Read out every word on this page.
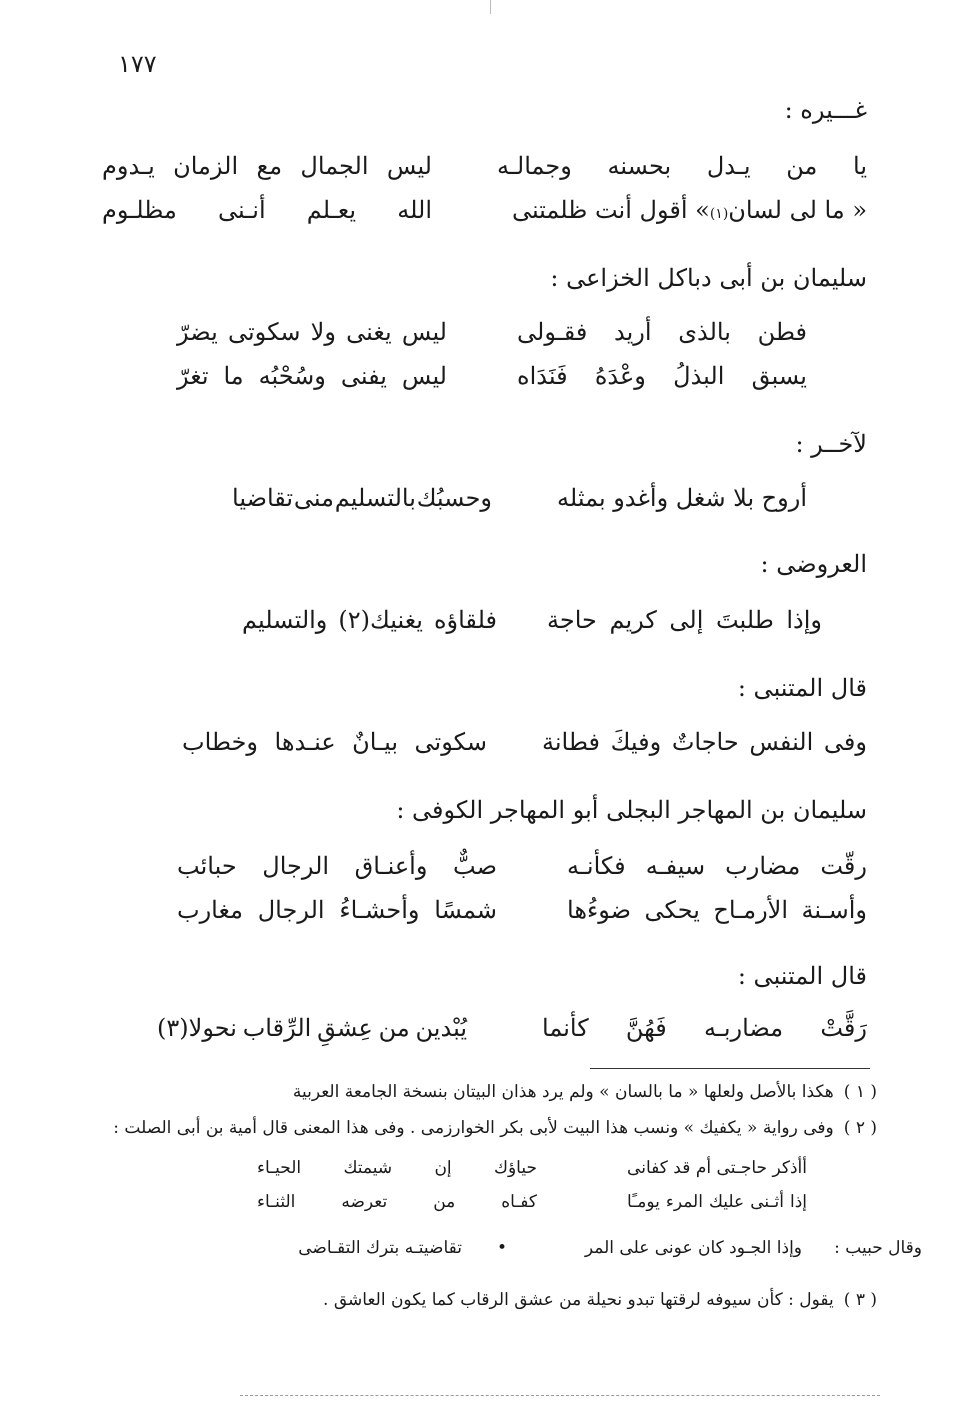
١٧٧
غـــيره :
يا
من
يـدل
بحسنه
وجمالـه
ليس
الجمال
مع
الزمان
يـدوم
« ما لى لسان
(١)
» أقول أنت ظلمتنى
الله
يعـلم
أنـنى
مظلـوم
سليمان بن أبى دباكل الخزاعى :
فطن
بالذى
أريد
فقـولى
ليس
يغنى
ولا
سكوتى
يضرّ
يسبق
البذلُ
وعْدَهُ
فَنَدَاه
ليس
يفنى
وسُحْبُه
ما
تغرّ
لآخــر :
أروح
بلا
شغل
وأغدو
بمثله
وحسبُك
بالتسليم
منى
تقاضيا
العروضى :
وإذا
طلبتَ
إلى
كريم
حاجة
فلقاؤه
يغنيك(٢)
والتسليم
قال المتنبى :
وفى
النفس
حاجاتٌ
وفيكَ
فطانة
سكوتى
بيـانٌ
عنـدها
وخطاب
سليمان بن المهاجر البجلى أبو المهاجر الكوفى :
رقّت
مضارب
سيفـه
فكأنـه
صبٌّ
وأعنـاق
الرجال
حبائب
وأسـنة
الأرمـاح
يحكى
ضوءُها
شمسًا
وأحشـاءُ
الرجال
مغارب
قال المتنبى :
رَقَّتْ
مضاربـه
فَهُنَّ
كأنما
يُبْدين
من
عِشقِ
الرِّقاب
نحولا(٣)
( ١ )هكذا بالأصل ولعلها « ما بالسان » ولم يرد هذان البيتان بنسخة الجامعة العربية
( ٢ )وفى رواية « يكفيك » ونسب هذا البيت لأبى بكر الخوارزمى . وفى هذا المعنى قال أمية بن أبى الصلت :
أأذكر
حاجـتى
أم
قد
كفانى
حياؤك
إن
شيمتك
الحيـاء
إذا
أثـنى
عليك
المرء
يومـًا
كفـاه
من
تعرضه
الثنـاء
وقال حبيب :
وإذا الجـود كان عونى على المر
•
تقاضيتـه بترك التقـاضى
( ٣ )يقول : كأن سيوفه لرقتها تبدو نحيلة من عشق الرقاب كما يكون العاشق .
